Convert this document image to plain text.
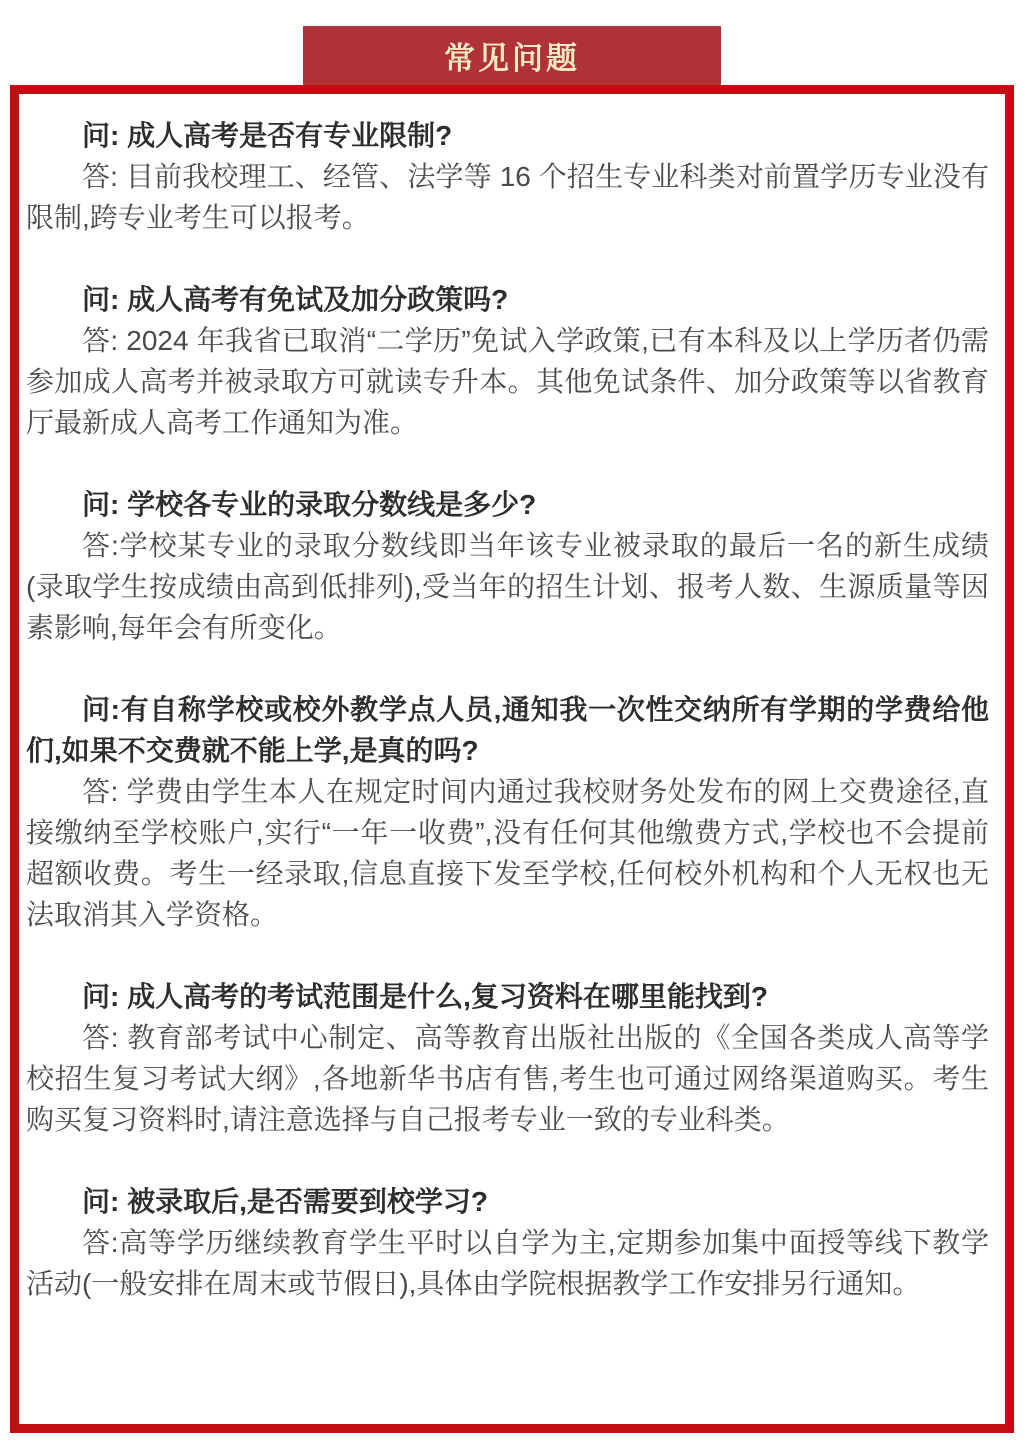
常见问题

问: 成人高考是否有专业限制?

答: 目前我校理工、经管、法学等 16 个招生专业科类对前置学历专业没有限制,跨专业考生可以报考。

问: 成人高考有免试及加分政策吗?

答: 2024 年我省已取消“二学历”免试入学政策,已有本科及以上学历者仍需参加成人高考并被录取方可就读专升本。其他免试条件、加分政策等以省教育厅最新成人高考工作通知为准。

问: 学校各专业的录取分数线是多少?

答:学校某专业的录取分数线即当年该专业被录取的最后一名的新生成绩(录取学生按成绩由高到低排列),受当年的招生计划、报考人数、生源质量等因素影响,每年会有所变化。

问:有自称学校或校外教学点人员,通知我一次性交纳所有学期的学费给他们,如果不交费就不能上学,是真的吗?

答: 学费由学生本人在规定时间内通过我校财务处发布的网上交费途径,直接缴纳至学校账户,实行“一年一收费”,没有任何其他缴费方式,学校也不会提前超额收费。考生一经录取,信息直接下发至学校,任何校外机构和个人无权也无法取消其入学资格。

问: 成人高考的考试范围是什么,复习资料在哪里能找到?

答: 教育部考试中心制定、高等教育出版社出版的《全国各类成人高等学校招生复习考试大纲》,各地新华书店有售,考生也可通过网络渠道购买。考生购买复习资料时,请注意选择与自己报考专业一致的专业科类。

问: 被录取后,是否需要到校学习?

答:高等学历继续教育学生平时以自学为主,定期参加集中面授等线下教学活动(一般安排在周末或节假日),具体由学院根据教学工作安排另行通知。
